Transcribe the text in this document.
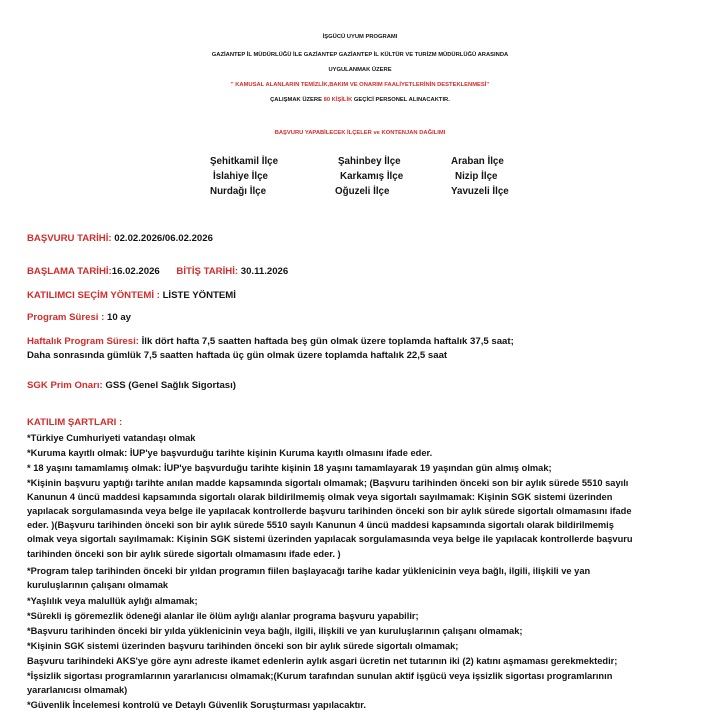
İŞGÜCÜ UYUM PROGRAMI
GAZİANTEP İL MÜDÜRLÜĞÜ İLE GAZİANTEP GAZİANTEP İL KÜLTÜR VE TURİZM MÜDÜRLÜĞÜ ARASINDA
UYGULANMAK ÜZERE
" KAMUSAL ALANLARIN TEMİZLİK,BAKIM VE ONARIM FAALİYETLERİNİN DESTEKLENMESİ"
ÇALIŞMAK ÜZERE 80 KİŞİLİK GEÇİCİ PERSONEL ALINACAKTIR.
BAŞVURU YAPABİLECEK İLÇELER ve KONTENJAN DAĞILIMI
Şehitkamil İlçe
İslahiye İlçe
Nurdağı İlçe
Şahinbey İlçe
Karkamış İlçe
Oğuzeli İlçe
Araban İlçe
Nizip İlçe
Yavuzeli İlçe
BAŞVURU TARİHİ: 02.02.2026/06.02.2026
BAŞLAMA TARİHİ:16.02.2026 BİTİŞ TARİHİ: 30.11.2026
KATILIMCI SEÇİM YÖNTEMİ : LİSTE YÖNTEMİ
Program Süresi : 10 ay
Haftalık Program Süresi: İlk dört hafta 7,5 saatten haftada beş gün olmak üzere toplamda haftalık 37,5 saat;
Daha sonrasında gümlük 7,5 saatten haftada üç gün olmak üzere toplamda haftalık 22,5 saat
SGK Prim Onarı: GSS (Genel Sağlık Sigortası)
KATILIM ŞARTLARI :
*Türkiye Cumhuriyeti vatandaşı olmak
*Kuruma kayıtlı olmak: İUP'ye başvurduğu tarihte kişinin Kuruma kayıtlı olmasını ifade eder.
* 18 yaşını tamamlamış olmak: İUP'ye başvurduğu tarihte kişinin 18 yaşını tamamlayarak 19 yaşından gün almış olmak;
*Kişinin başvuru yaptığı tarihte anılan madde kapsamında sigortalı olmamak; (Başvuru tarihinden önceki son bir aylık sürede 5510 sayılı
Kanunun 4 üncü maddesi kapsamında sigortalı olarak bildirilmemiş olmak veya sigortalı sayılmamak: Kişinin SGK sistemi üzerinden
yapılacak sorgulamasında veya belge ile yapılacak kontrollerde başvuru tarihinden önceki son bir aylık sürede sigortalı olmamasını ifade
eder. )(Başvuru tarihinden önceki son bir aylık sürede 5510 sayılı Kanunun 4 üncü maddesi kapsamında sigortalı olarak bildirilmemiş
olmak veya sigortalı sayılmamak: Kişinin SGK sistemi üzerinden yapılacak sorgulamasında veya belge ile yapılacak kontrollerde başvuru
tarihinden önceki son bir aylık sürede sigortalı olmamasını ifade eder. )
*Program talep tarihinden önceki bir yıldan programın fiilen başlayacağı tarihe kadar yüklenicinin veya bağlı, ilgili, ilişkili ve yan
kuruluşlarının çalışanı olmamak
*Yaşlılık veya malullük aylığı almamak;
*Sürekli iş göremezlik ödeneği alanlar ile ölüm aylığı alanlar programa başvuru yapabilir;
*Başvuru tarihinden önceki bir yılda yüklenicinin veya bağlı, ilgili, ilişkili ve yan kuruluşlarının çalışanı olmamak;
*Kişinin SGK sistemi üzerinden başvuru tarihinden önceki son bir aylık sürede sigortalı olmamak;
Başvuru tarihindeki AKS'ye göre aynı adreste ikamet edenlerin aylık asgari ücretin net tutarının iki (2) katını aşmaması gerekmektedir;
*İşsizlik sigortası programlarının yararlanıcısı olmamak;(Kurum tarafından sunulan aktif işgücü veya işsizlik sigortası programlarının
yararlanıcısı olmamak)
*Güvenlik İncelemesi kontrolü ve Detaylı Güvenlik Soruşturması yapılacaktır.
